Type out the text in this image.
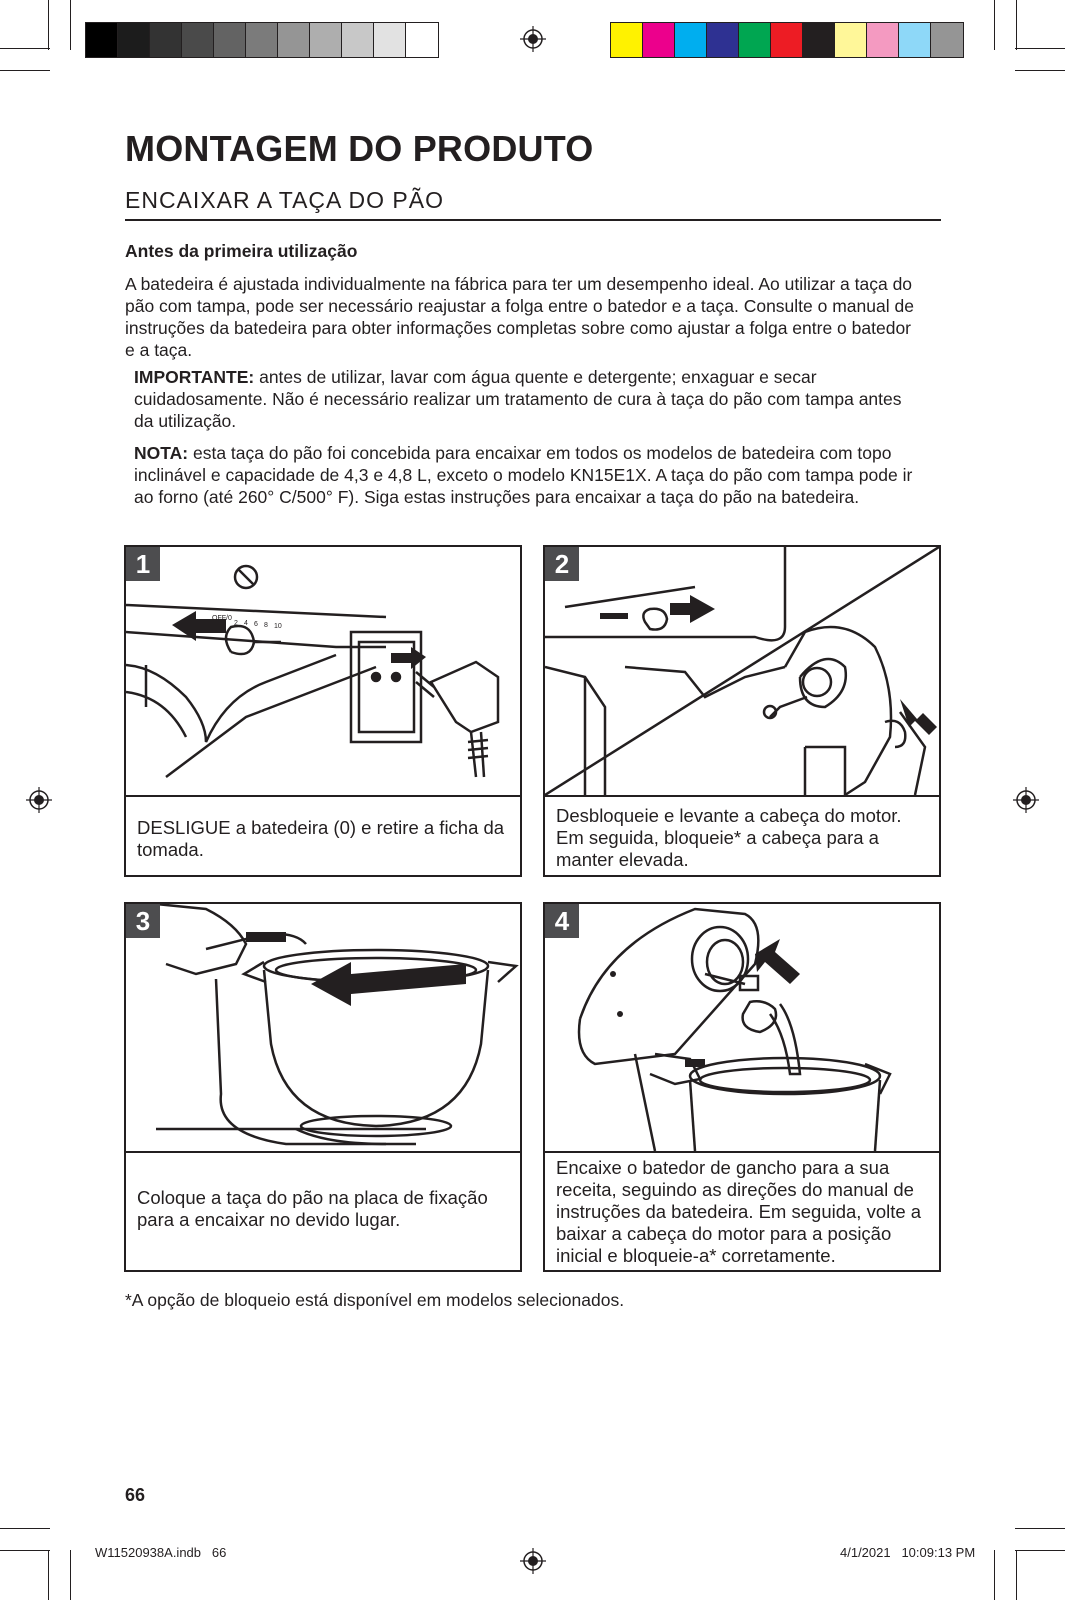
MONTAGEM DO PRODUTO
ENCAIXAR A TAÇA DO PÃO
Antes da primeira utilização
A batedeira é ajustada individualmente na fábrica para ter um desempenho ideal. Ao utilizar a taça do pão com tampa, pode ser necessário reajustar a folga entre o batedor e a taça. Consulte o manual de instruções da batedeira para obter informações completas sobre como ajustar a folga entre o batedor e a taça.
IMPORTANTE: antes de utilizar, lavar com água quente e detergente; enxaguar e secar cuidadosamente. Não é necessário realizar um tratamento de cura à taça do pão com tampa antes da utilização.
NOTA: esta taça do pão foi concebida para encaixar em todos os modelos de batedeira com topo inclinável e capacidade de 4,3 e 4,8 L, exceto o modelo KN15E1X. A taça do pão com tampa pode ir ao forno (até 260° C/500° F). Siga estas instruções para encaixar a taça do pão na batedeira.
1
OFF/0
2 4 6 8 10
DESLIGUE a batedeira (0) e retire a ficha da tomada.
2
Desbloqueie e levante a cabeça do motor. Em seguida, bloqueie* a cabeça para a manter elevada.
3
Coloque a taça do pão na placa de fixação para a encaixar no devido lugar.
4
Encaixe o batedor de gancho para a sua receita, seguindo as direções do manual de instruções da batedeira. Em seguida, volte a baixar a cabeça do motor para a posição inicial e bloqueie-a* corretamente.
*A opção de bloqueio está disponível em modelos selecionados.
66
W11520938A.indb   66	4/1/2021   10:09:13 PM
